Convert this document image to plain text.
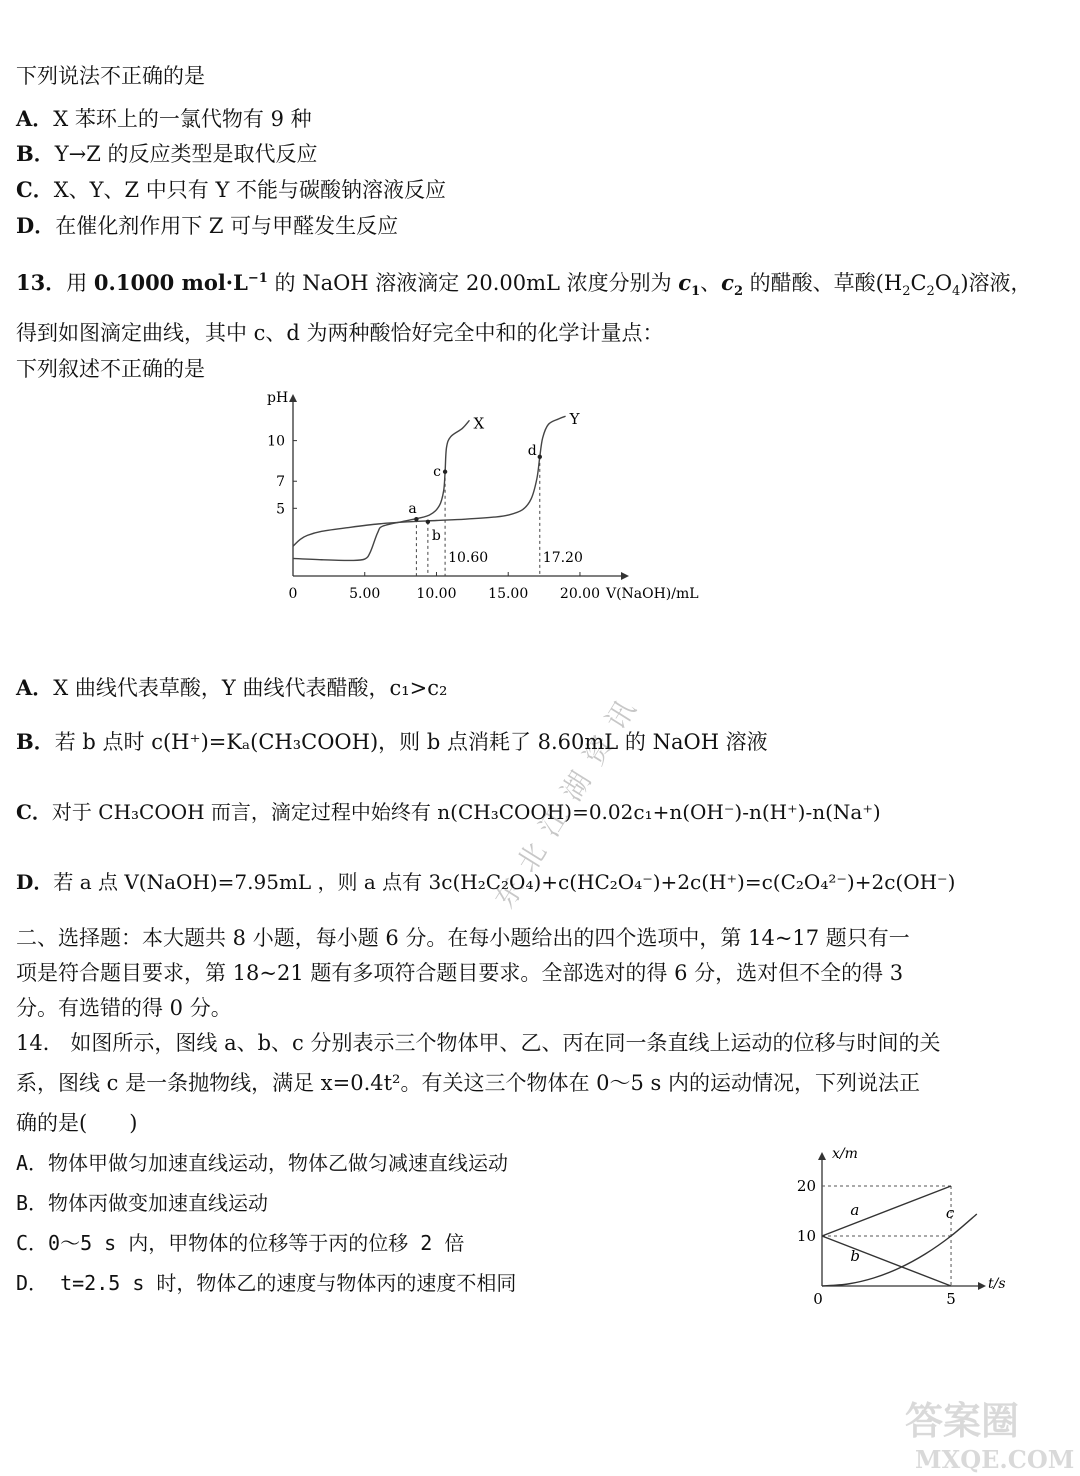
下列说法不正确的是
A．X 苯环上的一氯代物有 9 种
B．Y→Z 的反应类型是取代反应
C．X、Y、Z 中只有 Y 不能与碳酸钠溶液反应
D．在催化剂作用下 Z 可与甲醛发生反应
13．用 0.1000 $mol\cdot L^{-1}$ 的 NaOH 溶液滴定 20.00mL 浓度分别为 $c_1$、$c_2$ 的醋酸、草酸$(H_2C_2O_4)$溶液，
得到如图滴定曲线，其中 c、d 为两种酸恰好完全中和的化学计量点：
下列叙述不正确的是
pH
V(NaOH)/mL
0	5.00	10.00 15.00 20.00
5
7
10
X	Y
a
b
c
d
10.60	17.20
A．X 曲线代表草酸，Y 曲线代表醋酸，c₁>c₂
B．若 b 点时 c(H⁺)=Kₐ(CH₃COOH)，则 b 点消耗了 8.60mL 的 NaOH 溶液
C．对于 CH₃COOH 而言，滴定过程中始终有 n(CH₃COOH)=0.02c₁+n(OH⁻)-n(H⁺)-n(Na⁺)
D．若 a 点 V(NaOH)=7.95mL ，则 a 点有 3c(H₂C₂O₄)+c(HC₂O₄⁻)+2c(H⁺)=c(C₂O₄²⁻)+2c(OH⁻)
二、选择题：本大题共 8 小题，每小题 6 分。在每小题给出的四个选项中，第 14~17 题只有一
项是符合题目要求，第 18~21 题有多项符合题目要求。全部选对的得 6 分，选对但不全的得 3
分。有选错的得 0 分。
14． 如图所示，图线 a、b、c 分别表示三个物体甲、乙、丙在同一条直线上运动的位移与时间的关
系，图线 c 是一条抛物线，满足 x=0.4t²。有关这三个物体在 0～5 s 内的运动情况，下列说法正
确的是(　　)
A．物体甲做匀加速直线运动，物体乙做匀减速直线运动
B．物体丙做变加速直线运动
C．0～5 s 内，甲物体的位移等于丙的位移 2 倍
D． t=2.5 s 时，物体乙的速度与物体丙的速度不相同
x/m
t/s
0	5
10
20
a
b
c
东北江湖资讯
答案圈
MXQE.COM
